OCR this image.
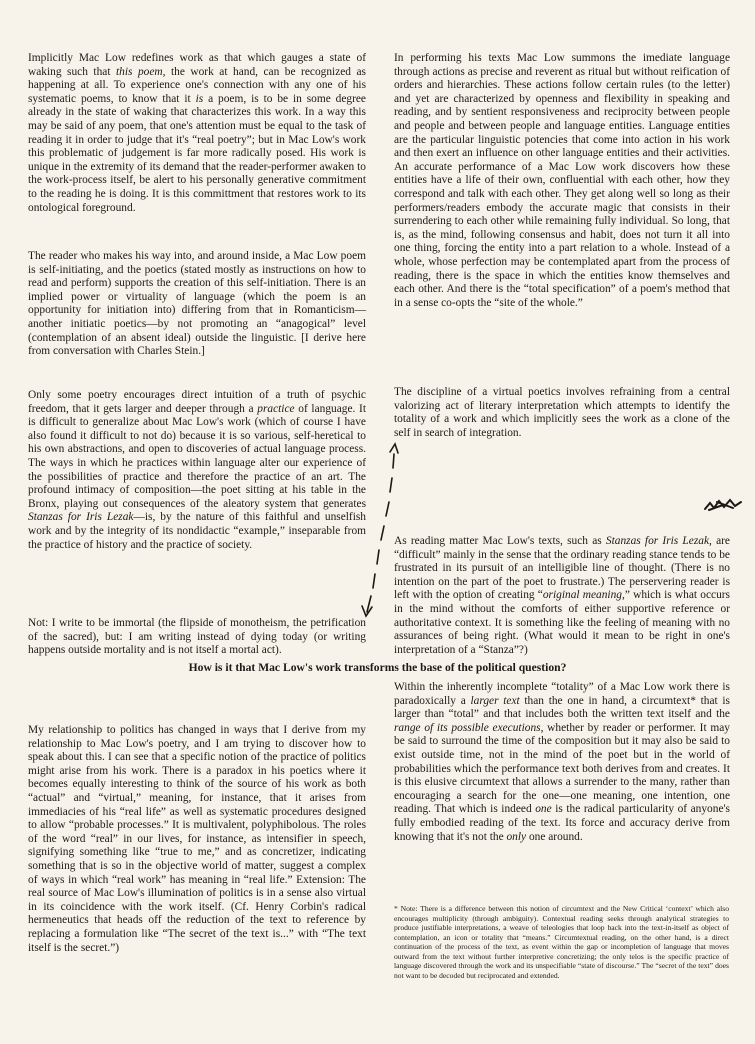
Implicitly Mac Low redefines work as that which gauges a state of waking such that this poem, the work at hand, can be recognized as happening at all. To experience one's connection with any one of his systematic poems, to know that it is a poem, is to be in some degree already in the state of waking that characterizes this work. In a way this may be said of any poem, that one's attention must be equal to the task of reading it in order to judge that it's “real poetry”; but in Mac Low's work this problematic of judgement is far more radically posed. His work is unique in the extremity of its demand that the reader-performer awaken to the work-process itself, be alert to his personally generative commitment to the reading he is doing. It is this committment that restores work to its ontological foreground.

The reader who makes his way into, and around inside, a Mac Low poem is self-initiating, and the poetics (stated mostly as instructions on how to read and perform) supports the creation of this self-initiation. There is an implied power or virtuality of language (which the poem is an opportunity for initiation into) differing from that in Romanticism—another initiatic poetics—by not promoting an “anagogical” level (contemplation of an absent ideal) outside the linguistic. [I derive here from conversation with Charles Stein.]

Only some poetry encourages direct intuition of a truth of psychic freedom, that it gets larger and deeper through a practice of language. It is difficult to generalize about Mac Low's work (which of course I have also found it difficult to not do) because it is so various, self-heretical to his own abstractions, and open to discoveries of actual language process. The ways in which he practices within language alter our experience of the possibilities of practice and therefore the practice of an art. The profound intimacy of composition—the poet sitting at his table in the Bronx, playing out consequences of the aleatory system that generates Stanzas for Iris Lezak—is, by the nature of this faithful and unselfish work and by the integrity of its nondidactic “example,” inseparable from the practice of history and the practice of society.

Not: I write to be immortal (the flipside of monotheism, the petrification of the sacred), but: I am writing instead of dying today (or writing happens outside mortality and is not itself a mortal act).

In performing his texts Mac Low summons the imediate language through actions as precise and reverent as ritual but without reification of orders and hierarchies. These actions follow certain rules (to the letter) and yet are characterized by openness and flexibility in speaking and reading, and by sentient responsiveness and reciprocity between people and people and between people and language entities. Language entities are the particular linguistic potencies that come into action in his work and then exert an influence on other language entities and their activities. An accurate performance of a Mac Low work discovers how these entities have a life of their own, confluential with each other, how they correspond and talk with each other. They get along well so long as their performers/readers embody the accurate magic that consists in their surrendering to each other while remaining fully individual. So long, that is, as the mind, following consensus and habit, does not turn it all into one thing, forcing the entity into a part relation to a whole. Instead of a whole, whose perfection may be contemplated apart from the process of reading, there is the space in which the entities know themselves and each other. And there is the “total specification” of a poem's method that in a sense co-opts the “site of the whole.”

The discipline of a virtual poetics involves refraining from a central valorizing act of literary interpretation which attempts to identify the totality of a work and which implicitly sees the work as a clone of the self in search of integration.

As reading matter Mac Low's texts, such as Stanzas for Iris Lezak, are “difficult” mainly in the sense that the ordinary reading stance tends to be frustrated in its pursuit of an intelligible line of thought. (There is no intention on the part of the poet to frustrate.) The perservering reader is left with the option of creating “original meaning,” which is what occurs in the mind without the comforts of either supportive reference or authoritative context. It is something like the feeling of meaning with no assurances of being right. (What would it mean to be right in one's interpretation of a “Stanza”?)

How is it that Mac Low's work transforms the base of the political question?

My relationship to politics has changed in ways that I derive from my relationship to Mac Low's poetry, and I am trying to discover how to speak about this. I can see that a specific notion of the practice of politics might arise from his work. There is a paradox in his poetics where it becomes equally interesting to think of the source of his work as both “actual” and “virtual,” meaning, for instance, that it arises from immediacies of his “real life” as well as systematic procedures designed to allow “probable processes.” It is multivalent, polyphibolous. The roles of the word “real” in our lives, for instance, as intensifier in speech, signifying something like “true to me,” and as concretizer, indicating something that is so in the objective world of matter, suggest a complex of ways in which “real work” has meaning in “real life.” Extension: The real source of Mac Low's illumination of politics is in a sense also virtual in its coincidence with the work itself. (Cf. Henry Corbin's radical hermeneutics that heads off the reduction of the text to reference by replacing a formulation like “The secret of the text is...” with “The text itself is the secret.”)

Within the inherently incomplete “totality” of a Mac Low work there is paradoxically a larger text than the one in hand, a circumtext* that is larger than “total” and that includes both the written text itself and the range of its possible executions, whether by reader or performer. It may be said to surround the time of the composition but it may also be said to exist outside time, not in the mind of the poet but in the world of probabilities which the performance text both derives from and creates. It is this elusive circumtext that allows a surrender to the many, rather than encouraging a search for the one—one meaning, one intention, one reading. That which is indeed one is the radical particularity of anyone's fully embodied reading of the text. Its force and accuracy derive from knowing that it's not the only one around.

* Note: There is a difference between this notion of circumtext and the New Critical ‘context’ which also encourages multiplicity (through ambiguity). Contextual reading seeks through analytical strategies to produce justifiable interpretations, a weave of teleologies that loop back into the text-in-itself as object of contemplation, an icon or totality that “means.” Circumtextual reading, on the other hand, is a direct continuation of the process of the text, as event within the gap or incompletion of language that moves outward from the text without further interpretive concretizing; the only telos is the specific practice of language discovered through the work and its unspecifiable “state of discourse.” The “secret of the text” does not want to be decoded but reciprocated and extended.
